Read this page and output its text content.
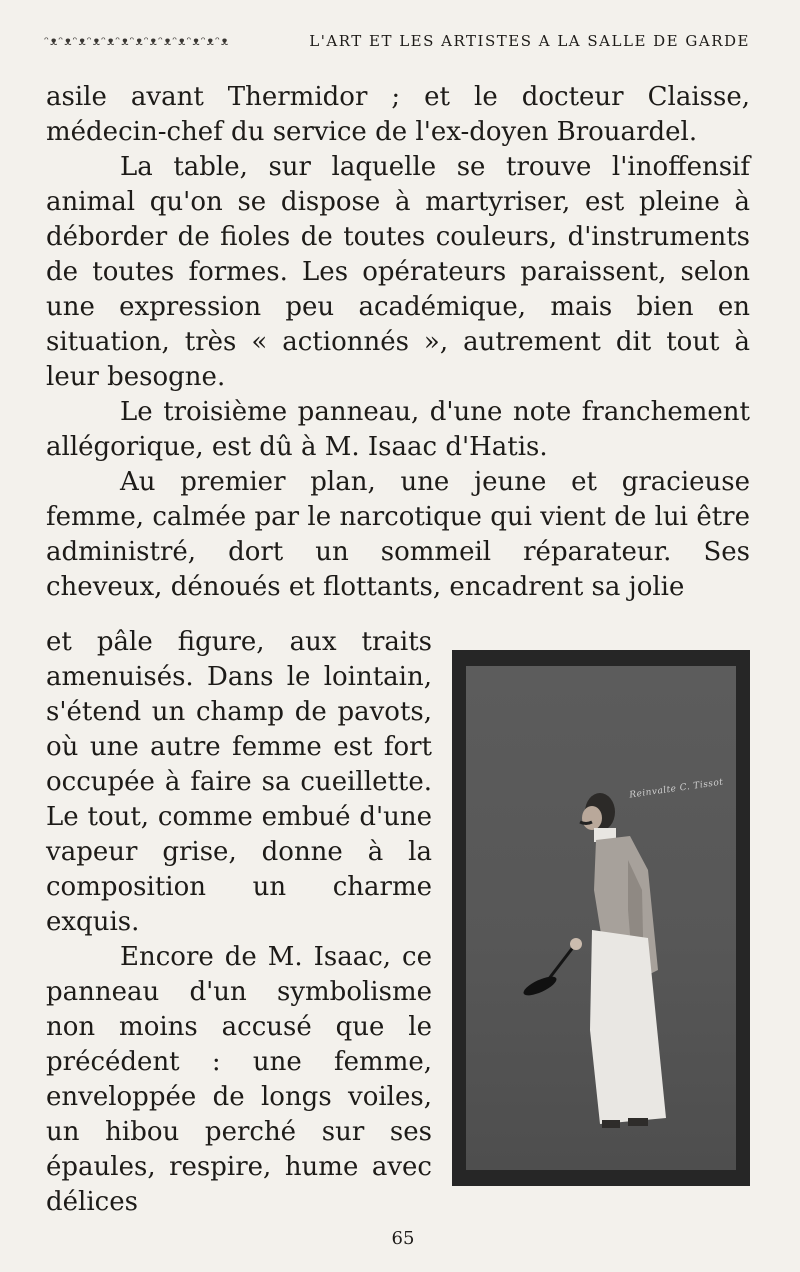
ᵔᴥᵔᴥᵔᴥᵔᴥᵔᴥᵔᴥᵔᴥᵔᴥᵔᴥᵔᴥᵔᴥᵔᴥᵔᴥ	L'ART ET LES ARTISTES A LA SALLE DE GARDE

asile avant Thermidor ; et le docteur Claisse, médecin-chef du service de l'ex-doyen Brouardel.

La table, sur laquelle se trouve l'inoffensif animal qu'on se dispose à martyriser, est pleine à déborder de fioles de toutes couleurs, d'instruments de toutes formes. Les opérateurs paraissent, selon une expression peu académique, mais bien en situation, très « actionnés », autrement dit tout à leur besogne.

Le troisième panneau, d'une note franchement allégorique, est dû à M. Isaac d'Hatis.

Au premier plan, une jeune et gracieuse femme, calmée par le narcotique qui vient de lui être administré, dort un sommeil réparateur. Ses cheveux, dénoués et flottants, encadrent sa jolie

et pâle figure, aux traits amenuisés. Dans le lointain, s'étend un champ de pavots, où une autre femme est fort occupée à faire sa cueillette. Le tout, comme embué d'une vapeur grise, donne à la composition un charme exquis.

Encore de M. Isaac, ce panneau d'un symbolisme non moins accusé que le précédent : une femme, enveloppée de longs voiles, un hibou perché sur ses épaules, respire, hume avec délices

Reinvalte C. Tissot
65
